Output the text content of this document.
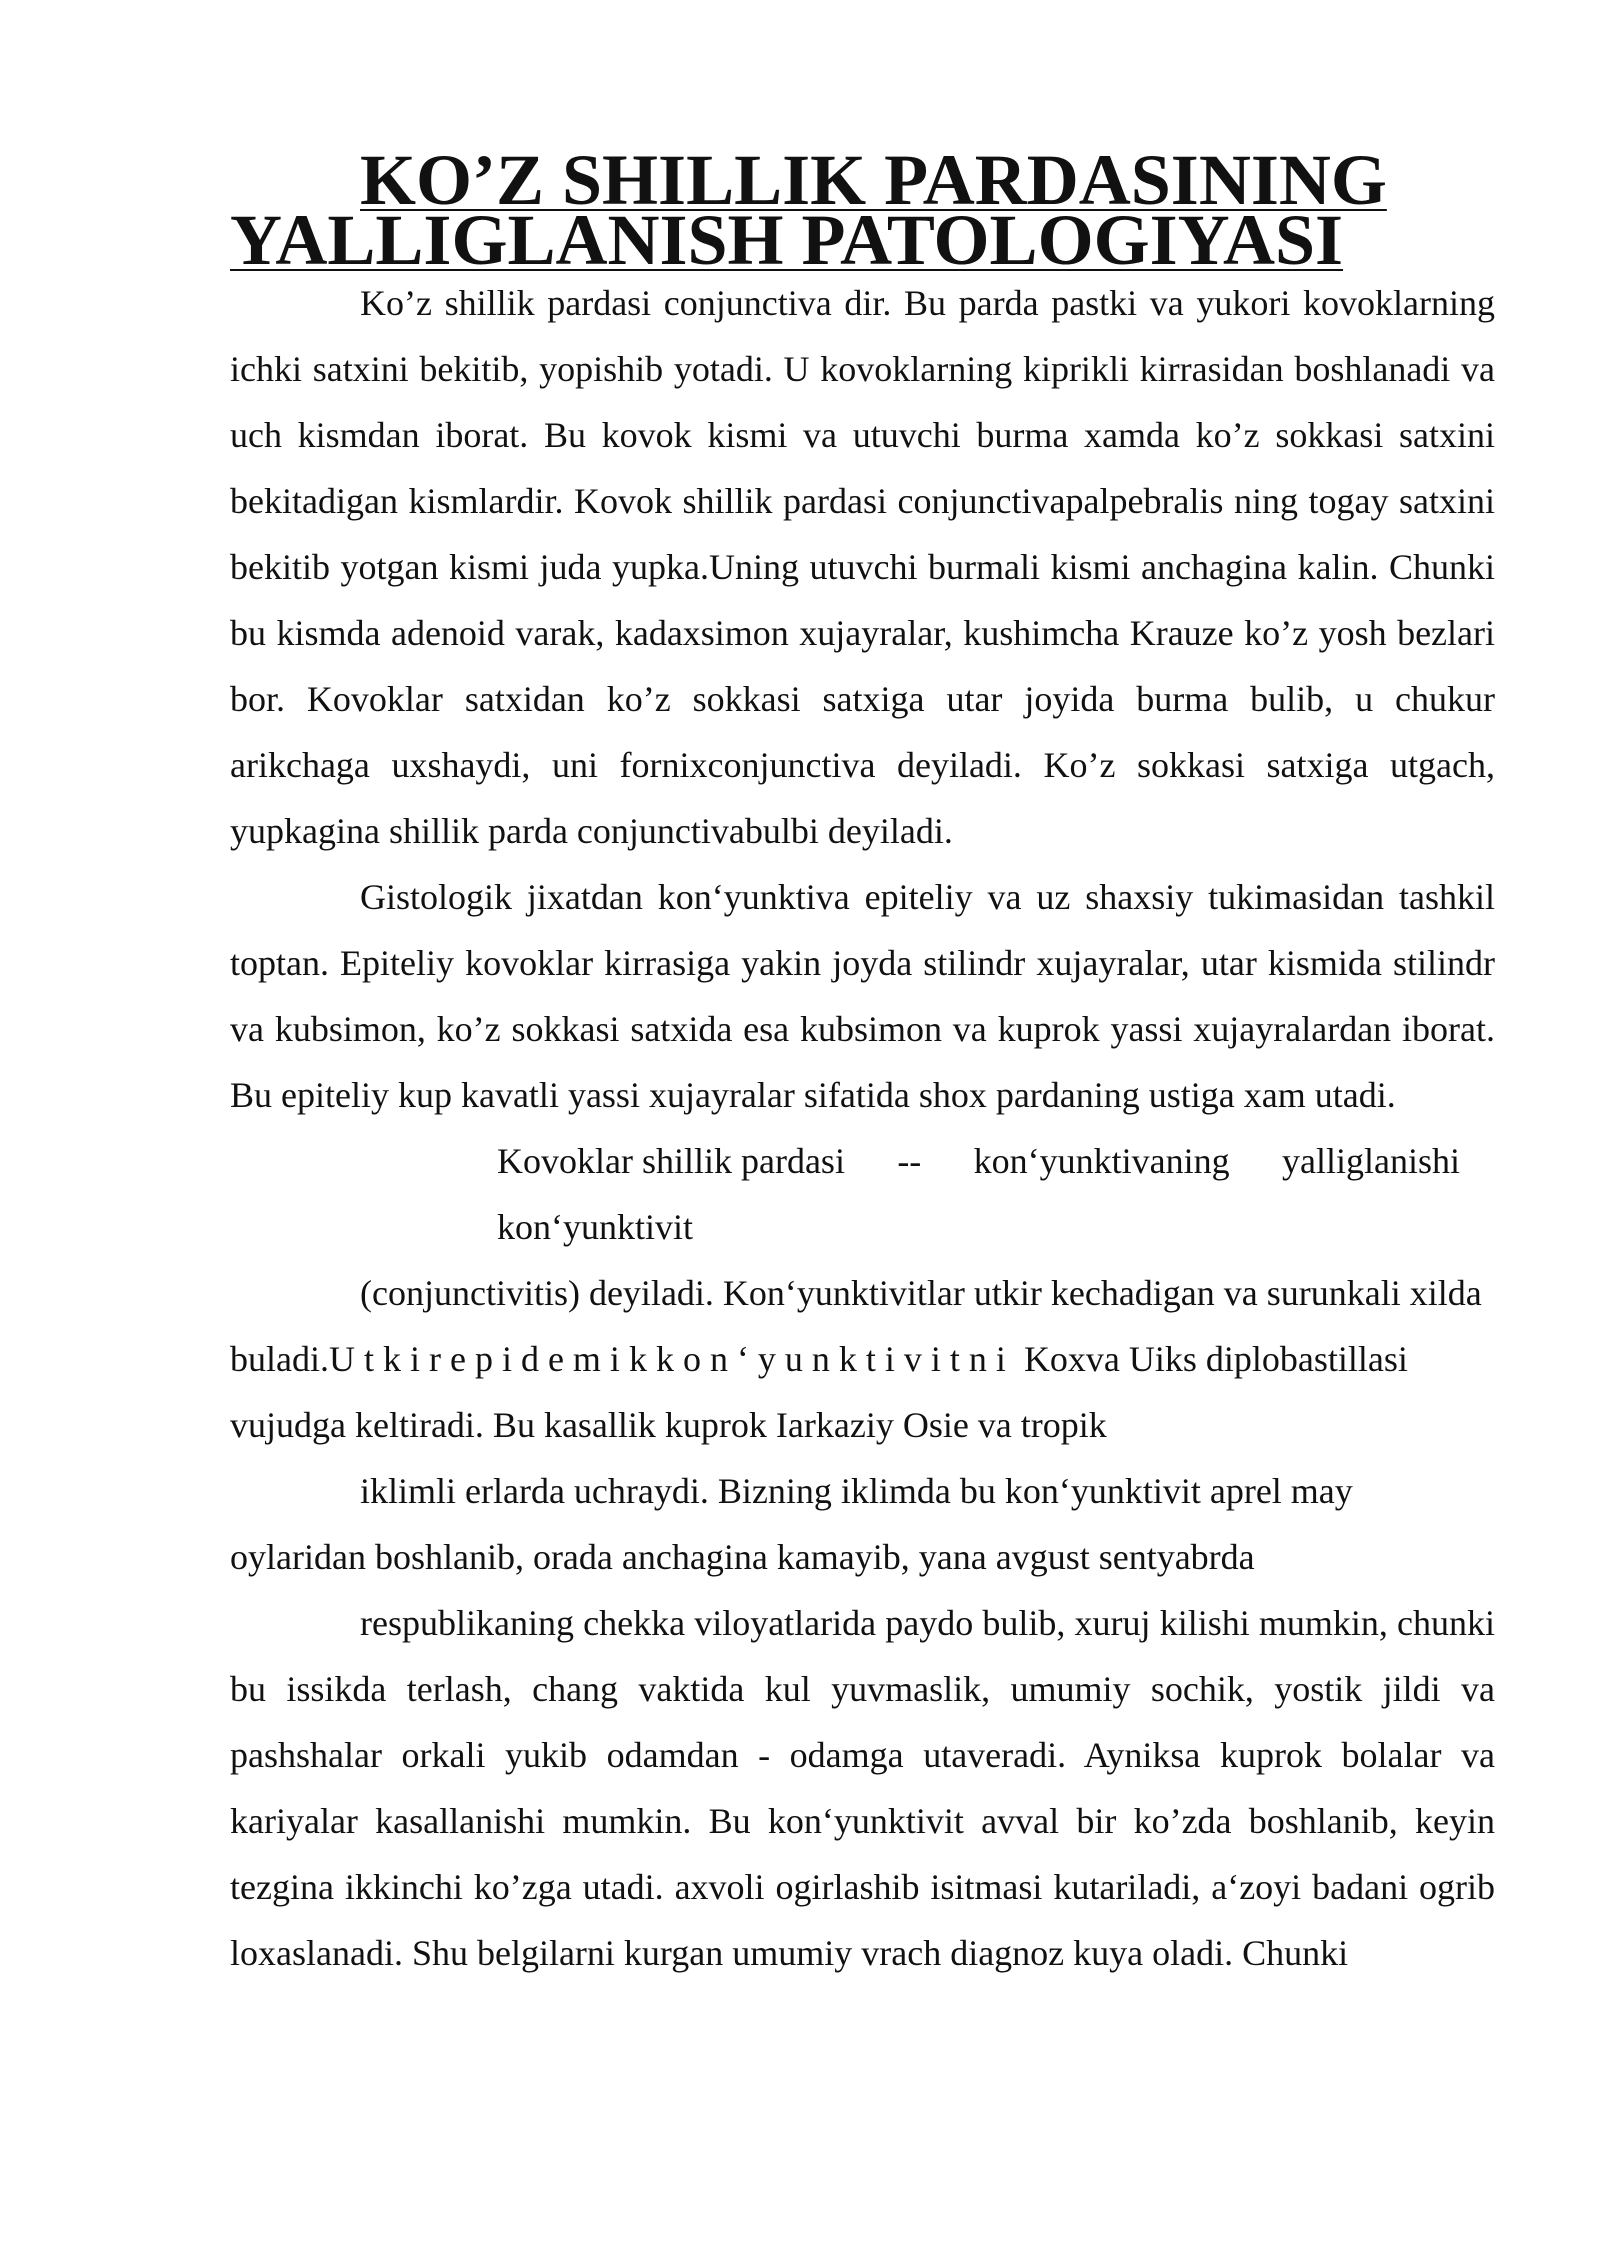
KO’Z SHILLIK PARDASINING YALLIGLANISH PATOLOGIYASI

Ko’z shillik pardasi conjunctiva dir. Bu parda pastki va yukori kovoklarning ichki satxini bekitib, yopishib yotadi. U kovoklarning kiprikli kirrasidan boshlanadi va uch kismdan iborat. Bu kovok kismi va utuvchi burma xamda ko’z sokkasi satxini bekitadigan kismlardir. Kovok shillik pardasi conjunctivapalpebralis ning togay satxini bekitib yotgan kismi juda yupka.Uning utuvchi burmali kismi anchagina kalin. Chunki bu kismda adenoid varak, kadaxsimon xujayralar, kushimcha Krauze ko’z yosh bezlari bor. Kovoklar satxidan ko’z sokkasi satxiga utar joyida burma bulib, u chukur arikchaga uxshaydi, uni fornixconjunctiva deyiladi. Ko’z sokkasi satxiga utgach, yupkagina shillik parda conjunctivabulbi deyiladi.

Gistologik jixatdan kon‘yunktiva epiteliy va uz shaxsiy tukimasidan tashkil toptan. Epiteliy kovoklar kirrasiga yakin joyda stilindr xujayralar, utar kismida stilindr va kubsimon, ko’z sokkasi satxida esa kubsimon va kuprok yassi xujayralardan iborat. Bu epiteliy kup kavatli yassi xujayralar sifatida shox pardaning ustiga xam utadi.

Kovoklar shillik pardasi -- kon‘yunktivaning yalliglanishi
kon‘yunktivit

(conjunctivitis) deyiladi. Kon‘yunktivitlar utkir kechadigan va surunkali xilda buladi.Utkirepidemikkon‘yunktivitni Koxva Uiks diplobastillasi vujudga keltiradi. Bu kasallik kuprok Iarkaziy Osie va tropik

iklimli erlarda uchraydi. Bizning iklimda bu kon‘yunktivit aprel may oylaridan boshlanib, orada anchagina kamayib, yana avgust sentyabrda

respublikaning chekka viloyatlarida paydo bulib, xuruj kilishi mumkin, chunki bu issikda terlash, chang vaktida kul yuvmaslik, umumiy sochik, yostik jildi va pashshalar orkali yukib odamdan - odamga utaveradi. Ayniksa kuprok bolalar va kariyalar kasallanishi mumkin. Bu kon‘yunktivit avval bir ko’zda boshlanib, keyin tezgina ikkinchi ko’zga utadi. axvoli ogirlashib isitmasi kutariladi, a‘zoyi badani ogrib loxaslanadi. Shu belgilarni kurgan umumiy vrach diagnoz kuya oladi. Chunki
